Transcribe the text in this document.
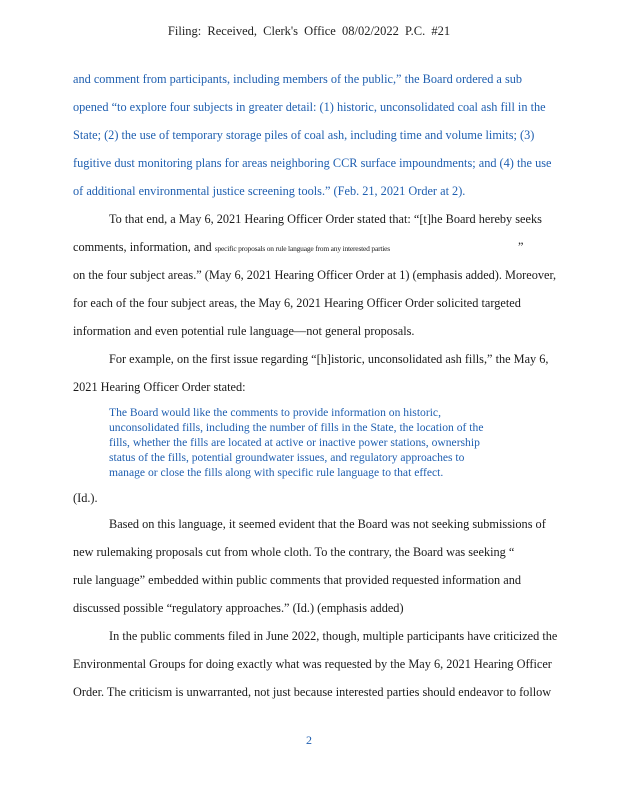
Filing: Received, Clerk's Office 08/02/2022 P.C. #21
and comment from participants, including members of the public,” the Board ordered a sub
opened “to explore four subjects in greater detail: (1) historic, unconsolidated coal ash fill in the
State; (2) the use of temporary storage piles of coal ash, including time and volume limits; (3)
fugitive dust monitoring plans for areas neighboring CCR surface impoundments; and (4) the use
of additional environmental justice screening tools.” (Feb. 21, 2021 Order at 2).
To that end, a May 6, 2021 Hearing Officer Order stated that: “[t]he Board hereby seeks
comments, information, and specific proposals on rule language from any interested parties	”
on the four subject areas.” (May 6, 2021 Hearing Officer Order at 1) (emphasis added). Moreover,
for each of the four subject areas, the May 6, 2021 Hearing Officer Order solicited targeted
information and even potential rule language—not general proposals.
For example, on the first issue regarding “[h]istoric, unconsolidated ash fills,” the May 6,
2021 Hearing Officer Order stated:
The Board would like the comments to provide information on historic,
unconsolidated fills, including the number of fills in the State, the location of the
fills, whether the fills are located at active or inactive power stations, ownership
status of the fills, potential groundwater issues, and regulatory approaches to
manage or close the fills along with specific rule language to that effect.
(Id.).
Based on this language, it seemed evident that the Board was not seeking submissions of
new rulemaking proposals cut from whole cloth. To the contrary, the Board was seeking “
rule language” embedded within public comments that provided requested information and
discussed possible “regulatory approaches.” (Id.) (emphasis added)
In the public comments filed in June 2022, though, multiple participants have criticized the
Environmental Groups for doing exactly what was requested by the May 6, 2021 Hearing Officer
Order. The criticism is unwarranted, not just because interested parties should endeavor to follow
2
